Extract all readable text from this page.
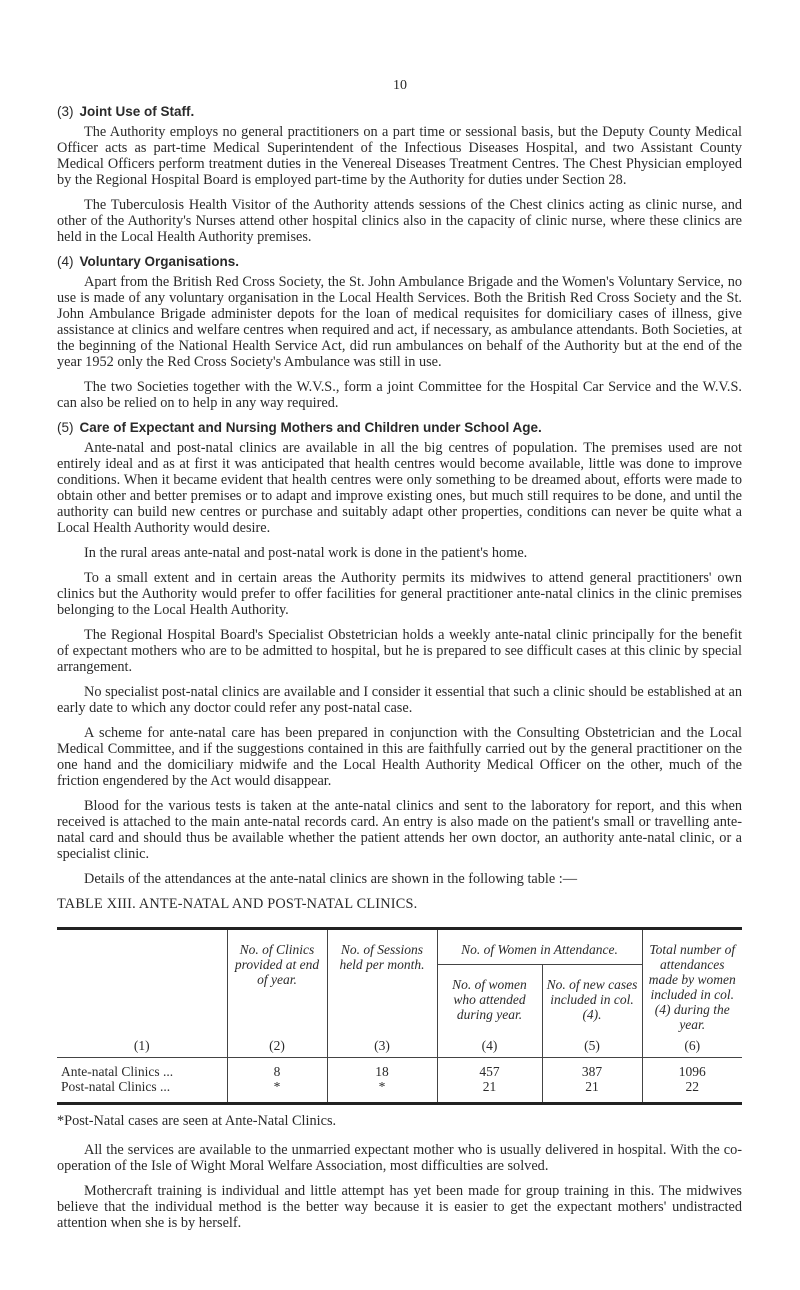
10
(3) Joint Use of Staff.

The Authority employs no general practitioners on a part time or sessional basis, but the Deputy County Medical Officer acts as part-time Medical Superintendent of the Infectious Diseases Hospital, and two Assistant County Medical Officers perform treatment duties in the Venereal Diseases Treatment Centres. The Chest Physician employed by the Regional Hospital Board is employed part-time by the Authority for duties under Section 28.

The Tuberculosis Health Visitor of the Authority attends sessions of the Chest clinics acting as clinic nurse, and other of the Authority's Nurses attend other hospital clinics also in the capacity of clinic nurse, where these clinics are held in the Local Health Authority premises.

(4) Voluntary Organisations.

Apart from the British Red Cross Society, the St. John Ambulance Brigade and the Women's Voluntary Service, no use is made of any voluntary organisation in the Local Health Services. Both the British Red Cross Society and the St. John Ambulance Brigade administer depots for the loan of medical requisites for domiciliary cases of illness, give assistance at clinics and welfare centres when required and act, if necessary, as ambulance attendants. Both Societies, at the beginning of the National Health Service Act, did run ambulances on behalf of the Authority but at the end of the year 1952 only the Red Cross Society's Ambulance was still in use.

The two Societies together with the W.V.S., form a joint Committee for the Hospital Car Service and the W.V.S. can also be relied on to help in any way required.

(5) Care of Expectant and Nursing Mothers and Children under School Age.

Ante-natal and post-natal clinics are available in all the big centres of population. The premises used are not entirely ideal and as at first it was anticipated that health centres would become available, little was done to improve conditions. When it became evident that health centres were only something to be dreamed about, efforts were made to obtain other and better premises or to adapt and improve existing ones, but much still requires to be done, and until the authority can build new centres or purchase and suitably adapt other properties, conditions can never be quite what a Local Health Authority would desire.

In the rural areas ante-natal and post-natal work is done in the patient's home.

To a small extent and in certain areas the Authority permits its midwives to attend general practitioners' own clinics but the Authority would prefer to offer facilities for general practitioner ante-natal clinics in the clinic premises belonging to the Local Health Authority.

The Regional Hospital Board's Specialist Obstetrician holds a weekly ante-natal clinic principally for the benefit of expectant mothers who are to be admitted to hospital, but he is prepared to see difficult cases at this clinic by special arrangement.

No specialist post-natal clinics are available and I consider it essential that such a clinic should be established at an early date to which any doctor could refer any post-natal case.

A scheme for ante-natal care has been prepared in conjunction with the Consulting Obstetrician and the Local Medical Committee, and if the suggestions contained in this are faithfully carried out by the general practitioner on the one hand and the domiciliary midwife and the Local Health Authority Medical Officer on the other, much of the friction engendered by the Act would disappear.

Blood for the various tests is taken at the ante-natal clinics and sent to the laboratory for report, and this when received is attached to the main ante-natal records card. An entry is also made on the patient's small or travelling ante-natal card and should thus be available whether the patient attends her own doctor, an authority ante-natal clinic, or a specialist clinic.

Details of the attendances at the ante-natal clinics are shown in the following table :—

TABLE XIII. ANTE-NATAL AND POST-NATAL CLINICS.
	No. of Clinics provided at end of year.	No. of Sessions held per month.	No. of Women in Attendance.		Total number of attendances made by women included in col. (4) during the year.
			No. of women who attended during year.	No. of new cases included in col. (4).	
(1)	(2)	(3)	(4)	(5)	(6)
Ante-natal Clinics ...	8	18	457	387	1096
Post-natal Clinics ...	*	*	21	21	22
*Post-Natal cases are seen at Ante-Natal Clinics.

All the services are available to the unmarried expectant mother who is usually delivered in hospital. With the co-operation of the Isle of Wight Moral Welfare Association, most difficulties are solved.

Mothercraft training is individual and little attempt has yet been made for group training in this. The midwives believe that the individual method is the better way because it is easier to get the expectant mothers' undistracted attention when she is by herself.
